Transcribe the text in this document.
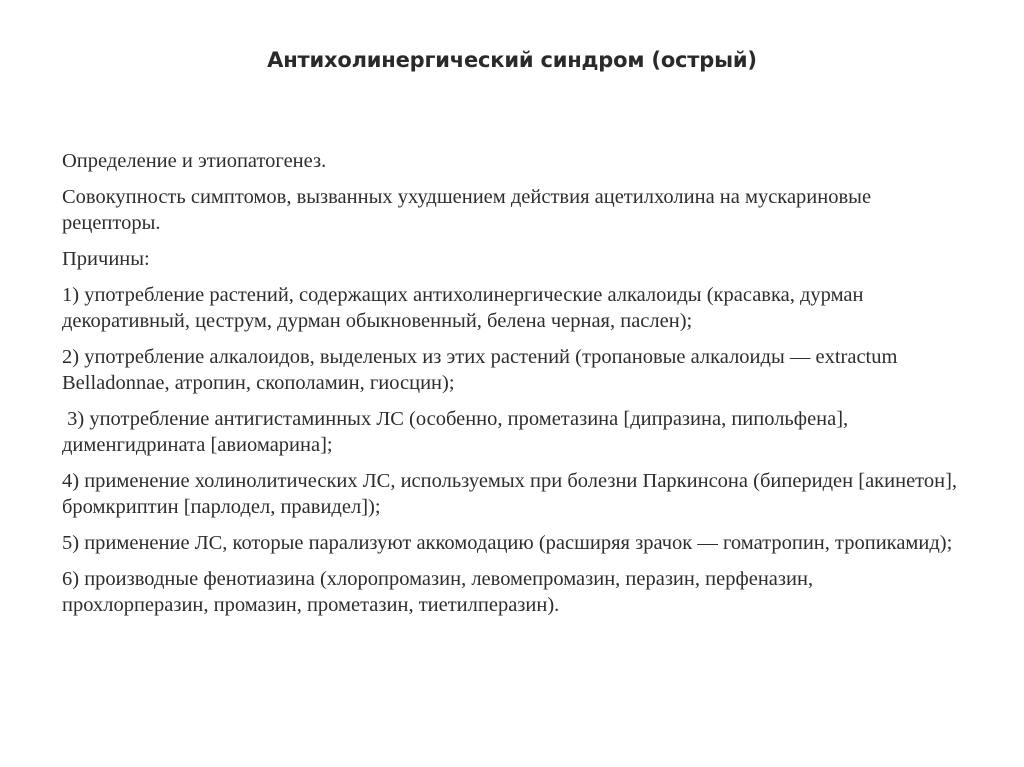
Антихолинергический синдром (острый)

Определение и этиопатогенез.

Совокупность симптомов, вызванных ухудшением действия ацетилхолина на мускариновые рецепторы.

Причины:

1) употребление растений, содержащих антихолинергические алкалоиды (красавка, дурман декоративный, цеструм, дурман обыкновенный, белена черная, паслен);

2) употребление алкалоидов, выделеных из этих растений (тропановые алкалоиды — extractum Belladonnae, атропин, скополамин, гиосцин);

3) употребление антигистаминных ЛС (особенно, прометазина [дипразина, пипольфена], дименгидрината [авиомарина];

4) применение холинолитических ЛС, используемых при болезни Паркинсона (бипериден [акинетон], бромкриптин [парлодел, правидел]);

5) применение ЛС, которые парализуют аккомодацию (расширяя зрачок — гоматропин, тропикамид);

6) производные фенотиазина (хлоропромазин, левомепромазин, перазин, перфеназин, прохлорперазин, промазин, прометазин, тиетилперазин).
